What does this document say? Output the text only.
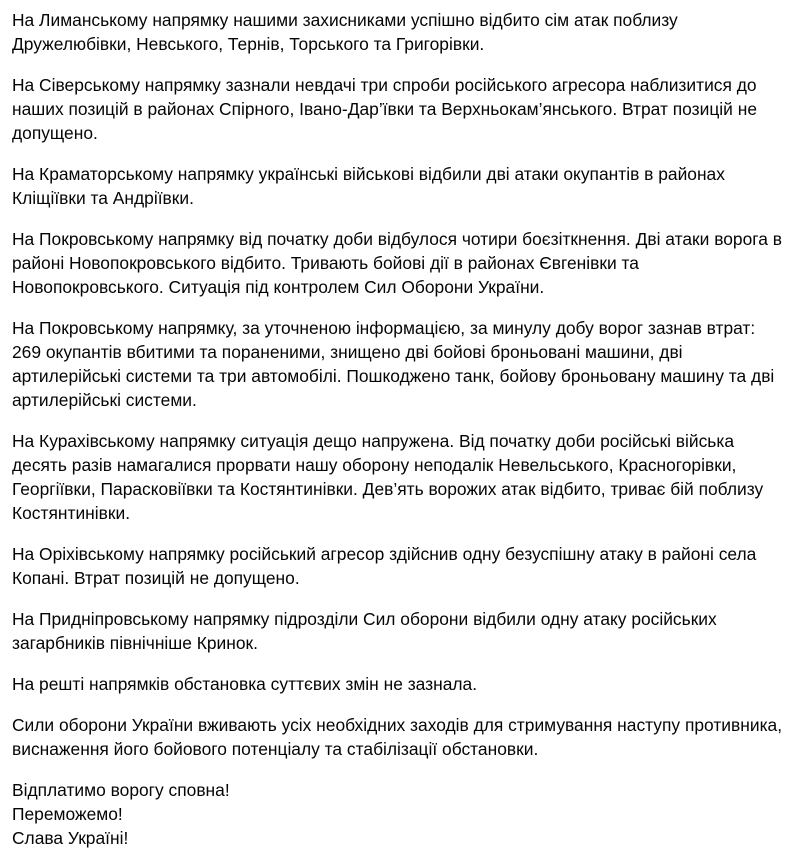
На Лиманському напрямку нашими захисниками успішно відбито сім атак поблизу Дружелюбівки, Невського, Тернів, Торського та Григорівки.

На Сіверському напрямку зазнали невдачі три спроби російського агресора наблизитися до наших позицій в районах Спірного, Івано-Дар’ївки та Верхньокам’янського. Втрат позицій не допущено.

На Краматорському напрямку українські військові відбили дві атаки окупантів в районах Кліщіївки та Андріївки.

На Покровському напрямку від початку доби відбулося чотири боєзіткнення. Дві атаки ворога в районі Новопокровського відбито. Тривають бойові дії в районах Євгенівки та Новопокровського. Ситуація під контролем Сил Оборони України.

На Покровському напрямку, за уточненою інформацією, за минулу добу ворог зазнав втрат: 269 окупантів вбитими та пораненими, знищено дві бойові броньовані машини, дві артилерійські системи та три автомобілі. Пошкоджено танк, бойову броньовану машину та дві артилерійські системи.

На Курахівському напрямку ситуація дещо напружена. Від початку доби російські війська десять разів намагалися прорвати нашу оборону неподалік Невельського, Красногорівки, Георгіївки, Парасковіївки та Костянтинівки. Дев’ять ворожих атак відбито, триває бій поблизу Костянтинівки.

На Оріхівському напрямку російський агресор здійснив одну безуспішну атаку в районі села Копані. Втрат позицій не допущено.

На Придніпровському напрямку підрозділи Сил оборони відбили одну атаку російських загарбників північніше Кринок.

На решті напрямків обстановка суттєвих змін не зазнала.

Сили оборони України вживають усіх необхідних заходів для стримування наступу противника, виснаження його бойового потенціалу та стабілізації обстановки.

Відплатимо ворогу сповна!
Переможемо!
Слава Україні!
